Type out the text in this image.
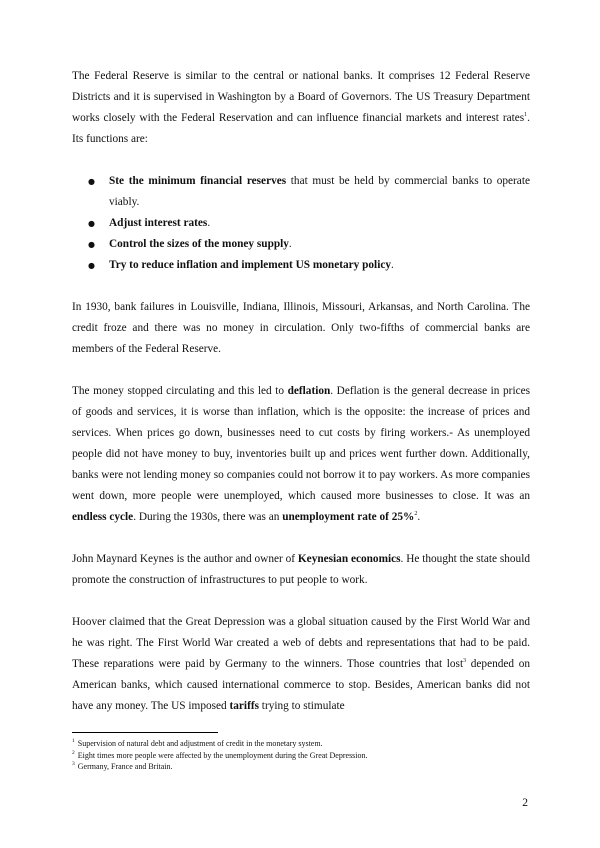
The Federal Reserve is similar to the central or national banks. It comprises 12 Federal Reserve Districts and it is supervised in Washington by a Board of Governors. The US Treasury Department works closely with the Federal Reservation and can influence financial markets and interest rates$^1$. Its functions are:

● Ste the minimum financial reserves that must be held by commercial banks to operate viably.
● Adjust interest rates.
● Control the sizes of the money supply.
● Try to reduce inflation and implement US monetary policy.

In 1930, bank failures in Louisville, Indiana, Illinois, Missouri, Arkansas, and North Carolina. The credit froze and there was no money in circulation. Only two-fifths of commercial banks are members of the Federal Reserve.

The money stopped circulating and this led to deflation. Deflation is the general decrease in prices of goods and services, it is worse than inflation, which is the opposite: the increase of prices and services. When prices go down, businesses need to cut costs by firing workers.- As unemployed people did not have money to buy, inventories built up and prices went further down. Additionally, banks were not lending money so companies could not borrow it to pay workers. As more companies went down, more people were unemployed, which caused more businesses to close. It was an endless cycle. During the 1930s, there was an unemployment rate of 25%$^2$.

John Maynard Keynes is the author and owner of Keynesian economics. He thought the state should promote the construction of infrastructures to put people to work.

Hoover claimed that the Great Depression was a global situation caused by the First World War and he was right. The First World War created a web of debts and representations that had to be paid. These reparations were paid by Germany to the winners. Those countries that lost$^3$ depended on American banks, which caused international commerce to stop. Besides, American banks did not have any money. The US imposed tariffs trying to stimulate

$^1$ Supervision of natural debt and adjustment of credit in the monetary system.
$^2$ Eight times more people were affected by the unemployment during the Great Depression.
$^3$ Germany, France and Britain.
2
